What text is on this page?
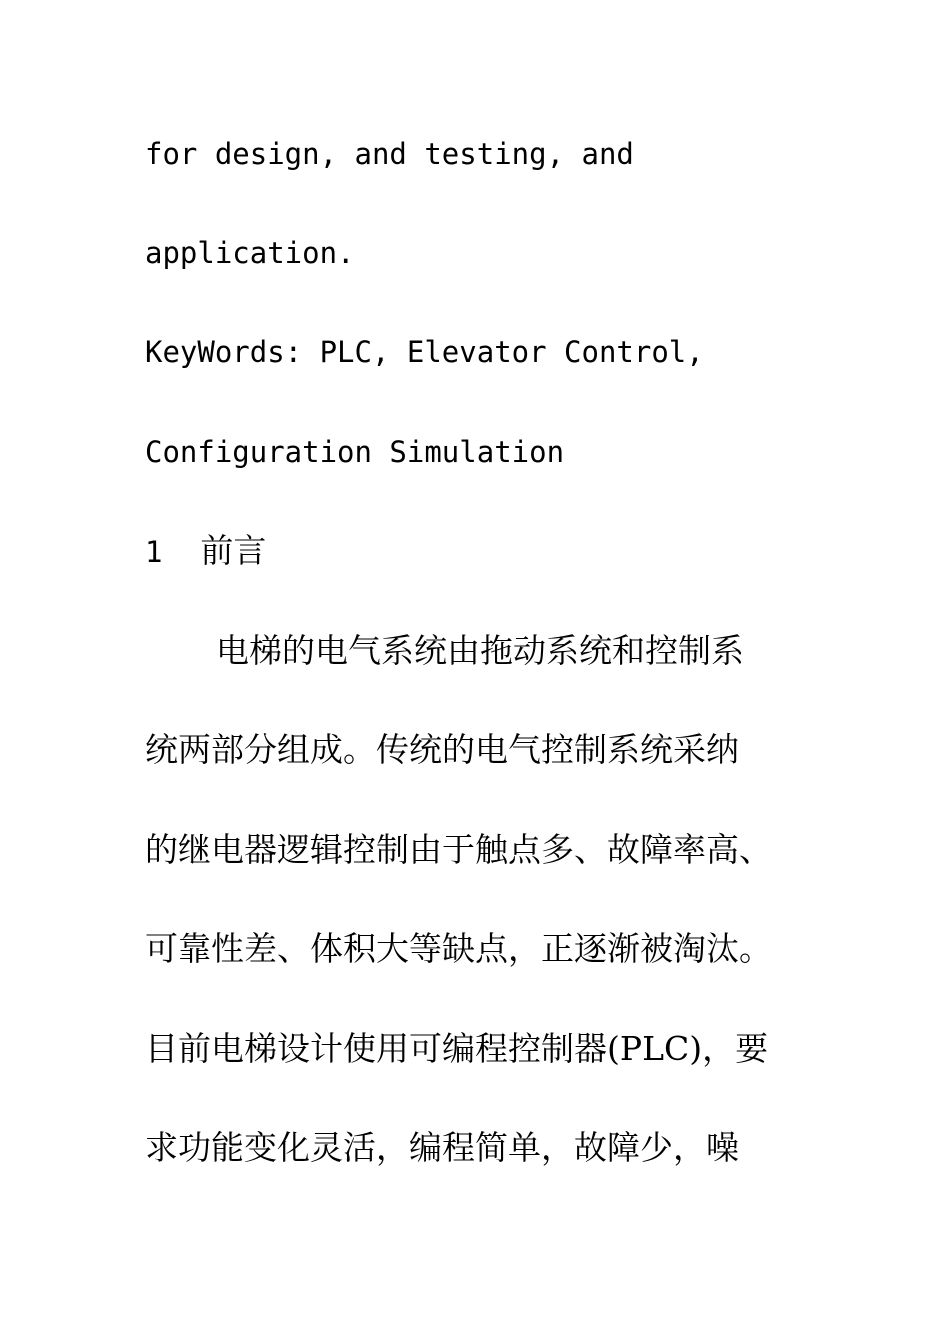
for design, and testing, and
application.
KeyWords: PLC, Elevator Control,
Configuration Simulation
1 前言
电梯的电气系统由拖动系统和控制系
统两部分组成。传统的电气控制系统采纳
的继电器逻辑控制由于触点多、故障率高、
可靠性差、体积大等缺点，正逐渐被淘汰。
目前电梯设计使用可编程控制器(PLC)，要
求功能变化灵活，编程简单，故障少，噪
